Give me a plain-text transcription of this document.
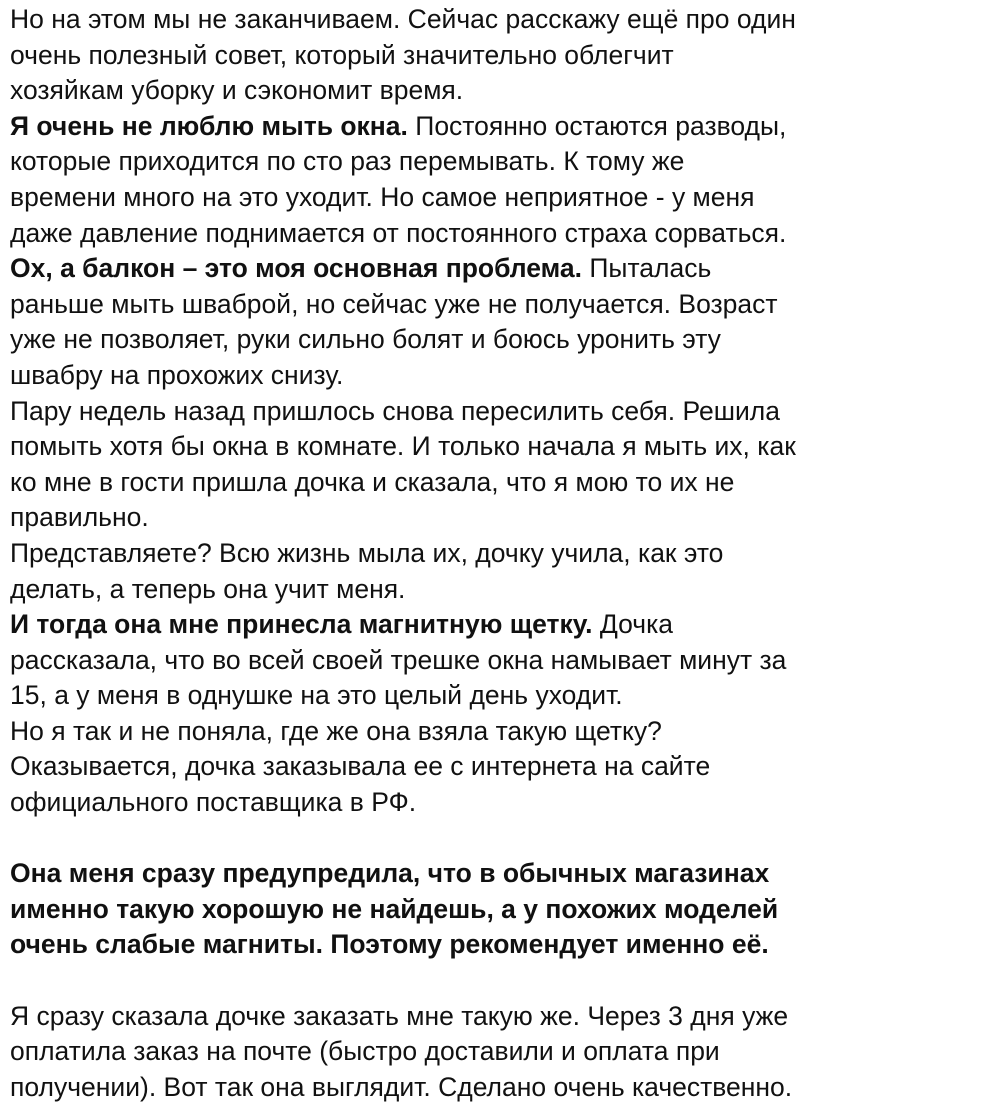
Но на этом мы не заканчиваем. Сейчас расскажу ещё про один
очень полезный совет, который значительно облегчит
хозяйкам уборку и сэкономит время.
Я очень не люблю мыть окна. Постоянно остаются разводы,
которые приходится по сто раз перемывать. К тому же
времени много на это уходит. Но самое неприятное - у меня
даже давление поднимается от постоянного страха сорваться.
Ох, а балкон – это моя основная проблема. Пыталась
раньше мыть шваброй, но сейчас уже не получается. Возраст
уже не позволяет, руки сильно болят и боюсь уронить эту
швабру на прохожих снизу.
Пару недель назад пришлось снова пересилить себя. Решила
помыть хотя бы окна в комнате. И только начала я мыть их, как
ко мне в гости пришла дочка и сказала, что я мою то их не
правильно.
Представляете? Всю жизнь мыла их, дочку учила, как это
делать, а теперь она учит меня.
И тогда она мне принесла магнитную щетку. Дочка
рассказала, что во всей своей трешке окна намывает минут за
15, а у меня в однушке на это целый день уходит.
Но я так и не поняла, где же она взяла такую щетку?
Оказывается, дочка заказывала ее с интернета на сайте
официального поставщика в РФ.
Она меня сразу предупредила, что в обычных магазинах
именно такую хорошую не найдешь, а у похожих моделей
очень слабые магниты. Поэтому рекомендует именно её.
Я сразу сказала дочке заказать мне такую же. Через 3 дня уже
оплатила заказ на почте (быстро доставили и оплата при
получении). Вот так она выглядит. Сделано очень качественно.
